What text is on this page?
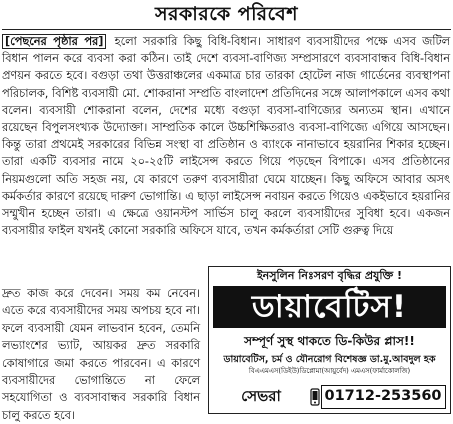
সরকারকে পরিবেশ
[পেছনের পৃষ্ঠার পর] হলো সরকারি কিছু বিধি-বিধান। সাধারণ ব্যবসায়ীদের পক্ষে এসব জটিল বিধান পালন করে ব্যবসা করা কঠিন। তাই দেশে ব্যবসা-বাণিজ্য সম্প্রসারণে ব্যবসাবান্ধব বিধি-বিধান প্রণয়ন করতে হবে। বগুড়া তথা উত্তরাঞ্চলের একমাত্র চার তারকা হোটেল নাজ গার্ডেনের ব্যবস্থাপনা পরিচালক, বিশিষ্ট ব্যবসায়ী মো. শোকরানা সম্প্রতি বাংলাদেশ প্রতিদিনের সঙ্গে আলাপকালে এসব কথা বলেন। ব্যবসায়ী শোকরানা বলেন, দেশের মধ্যে বগুড়া ব্যবসা-বাণিজ্যের অন্যতম স্থান। এখানে রয়েছেন বিপুলসংখ্যক উদ্যোক্তা। সাম্প্রতিক কালে উচ্চশিক্ষিতরাও ব্যবসা-বাণিজ্যে এগিয়ে আসছেন। কিন্তু তারা প্রথমেই সরকারের বিভিন্ন সংস্থা বা প্রতিষ্ঠান ও ব্যাংকে নানাভাবে হয়রানির শিকার হচ্ছেন। তারা একটি ব্যবসার নামে ২০-২৫টি লাইসেন্স করতে গিয়ে পড়ছেন বিপাকে। এসব প্রতিষ্ঠানের নিয়মগুলো অতি সহজ নয়, যে কারণে তরুণ ব্যবসায়ীরা ঘেমে যাচ্ছেন। কিছু অফিসে আবার অসৎ কর্মকর্তার কারণে রয়েছে দারুণ ভোগান্তি। এ ছাড়া লাইসেন্স নবায়ন করতে গিয়েও একইভাবে হয়রানির সম্মুখীন হচ্ছেন তারা। এ ক্ষেত্রে ওয়ানস্টপ সার্ভিস চালু করলে ব্যবসায়ীদের সুবিধা হবে। একজন ব্যবসায়ীর ফাইল যখনই কোনো সরকারি অফিসে যাবে, তখন কর্মকর্তারা সেটি গুরুত্ব দিয়ে
দ্রুত কাজ করে দেবেন। সময় কম নেবেন। এতে করে ব্যবসায়ীদের সময় অপচয় হবে না। ফলে ব্যবসায়ী যেমন লাভবান হবেন, তেমনি লভ্যাংশের ভ্যাট, আয়কর দ্রুত সরকারি কোষাগারে জমা করতে পারবেন। এ কারণে ব্যবসায়ীদের ভোগান্তিতে না ফেলে সহযোগিতা ও ব্যবসাবান্ধব সরকারি বিধান চালু করতে হবে।
ইনসুলিন নিঃসরণ বৃদ্ধির প্রযুক্তি !
ডায়াবেটিস!
সম্পূর্ণ সুস্থ থাকতে ডি-কিউর প্লাস!!
ডায়াবেটিস, চর্ম ও যৌনরোগ বিশেষজ্ঞ ডা.মু.আবদুল হক
বিএএমএস(ডিইউ)ডিপ্লোমা(আয়ুর্বেদ) এমএস(ফার্মাকোলজি)
সেভরা	01712-253560
